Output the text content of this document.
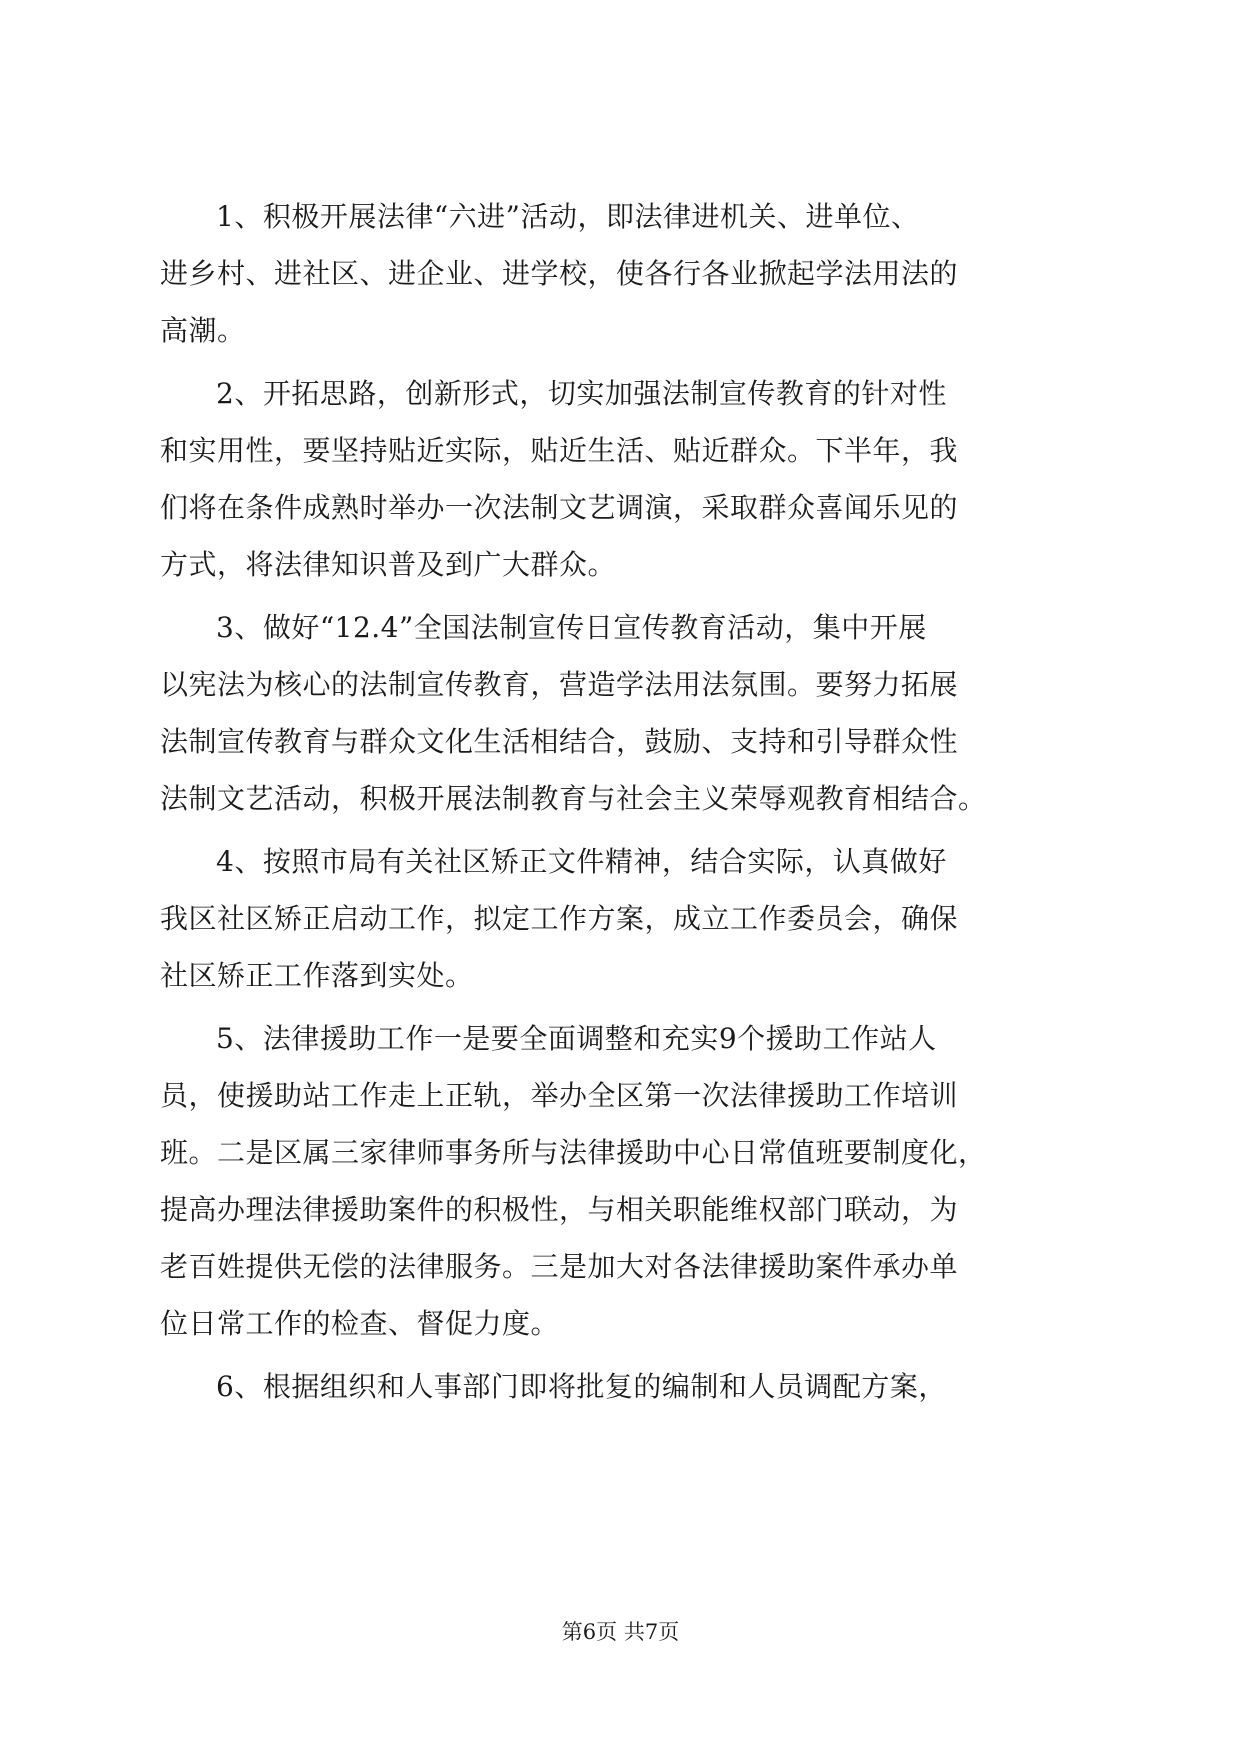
1、积极开展法律“六进”活动，即法律进机关、进单位、
进乡村、进社区、进企业、进学校，使各行各业掀起学法用法的
高潮。
2、开拓思路，创新形式，切实加强法制宣传教育的针对性
和实用性，要坚持贴近实际，贴近生活、贴近群众。下半年，我
们将在条件成熟时举办一次法制文艺调演，采取群众喜闻乐见的
方式，将法律知识普及到广大群众。
3、做好“12.4”全国法制宣传日宣传教育活动，集中开展
以宪法为核心的法制宣传教育，营造学法用法氛围。要努力拓展
法制宣传教育与群众文化生活相结合，鼓励、支持和引导群众性
法制文艺活动，积极开展法制教育与社会主义荣辱观教育相结合。
4、按照市局有关社区矫正文件精神，结合实际，认真做好
我区社区矫正启动工作，拟定工作方案，成立工作委员会，确保
社区矫正工作落到实处。
5、法律援助工作一是要全面调整和充实9个援助工作站人
员，使援助站工作走上正轨，举办全区第一次法律援助工作培训
班。二是区属三家律师事务所与法律援助中心日常值班要制度化，
提高办理法律援助案件的积极性，与相关职能维权部门联动，为
老百姓提供无偿的法律服务。三是加大对各法律援助案件承办单
位日常工作的检查、督促力度。
6、根据组织和人事部门即将批复的编制和人员调配方案，
第6页 共7页
